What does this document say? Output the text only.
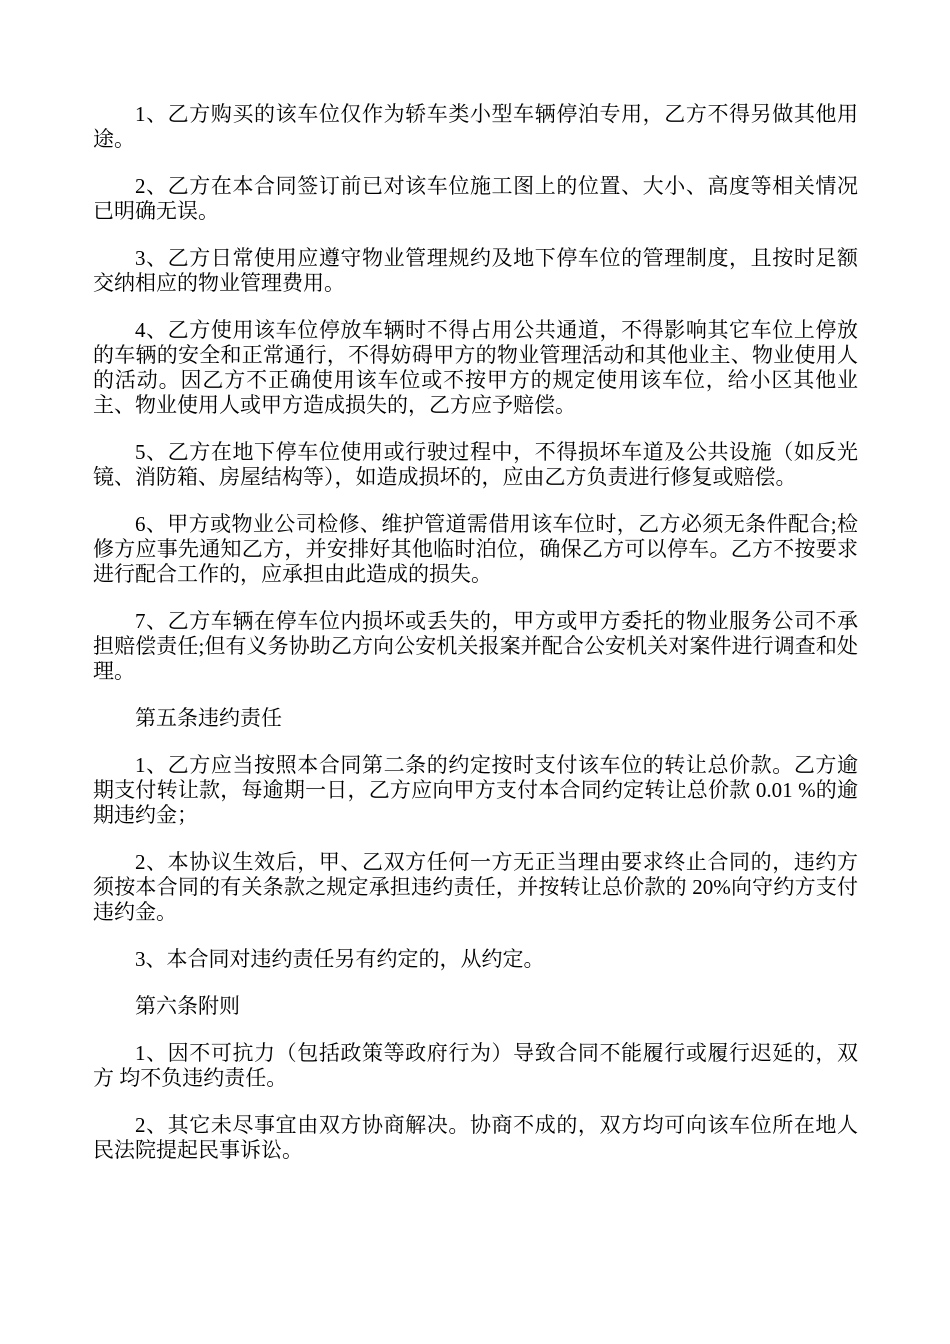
1、乙方购买的该车位仅作为轿车类小型车辆停泊专用，乙方不得另做其他用途。

2、乙方在本合同签订前已对该车位施工图上的位置、大小、高度等相关情况已明确无误。

3、乙方日常使用应遵守物业管理规约及地下停车位的管理制度，且按时足额交纳相应的物业管理费用。

4、乙方使用该车位停放车辆时不得占用公共通道，不得影响其它车位上停放的车辆的安全和正常通行，不得妨碍甲方的物业管理活动和其他业主、物业使用人的活动。因乙方不正确使用该车位或不按甲方的规定使用该车位，给小区其他业主、物业使用人或甲方造成损失的，乙方应予赔偿。

5、乙方在地下停车位使用或行驶过程中，不得损坏车道及公共设施（如反光镜、消防箱、房屋结构等），如造成损坏的，应由乙方负责进行修复或赔偿。

6、甲方或物业公司检修、维护管道需借用该车位时，乙方必须无条件配合;检修方应事先通知乙方，并安排好其他临时泊位，确保乙方可以停车。乙方不按要求进行配合工作的，应承担由此造成的损失。

7、乙方车辆在停车位内损坏或丢失的，甲方或甲方委托的物业服务公司不承担赔偿责任;但有义务协助乙方向公安机关报案并配合公安机关对案件进行调查和处理。

第五条违约责任

1、乙方应当按照本合同第二条的约定按时支付该车位的转让总价款。乙方逾期支付转让款，每逾期一日，乙方应向甲方支付本合同约定转让总价款 0.01 %的逾期违约金；

2、本协议生效后，甲、乙双方任何一方无正当理由要求终止合同的，违约方须按本合同的有关条款之规定承担违约责任，并按转让总价款的 20%向守约方支付违约金。

3、本合同对违约责任另有约定的，从约定。

第六条附则

1、因不可抗力（包括政策等政府行为）导致合同不能履行或履行迟延的，双方 均不负违约责任。

2、其它未尽事宜由双方协商解决。协商不成的，双方均可向该车位所在地人民法院提起民事诉讼。
